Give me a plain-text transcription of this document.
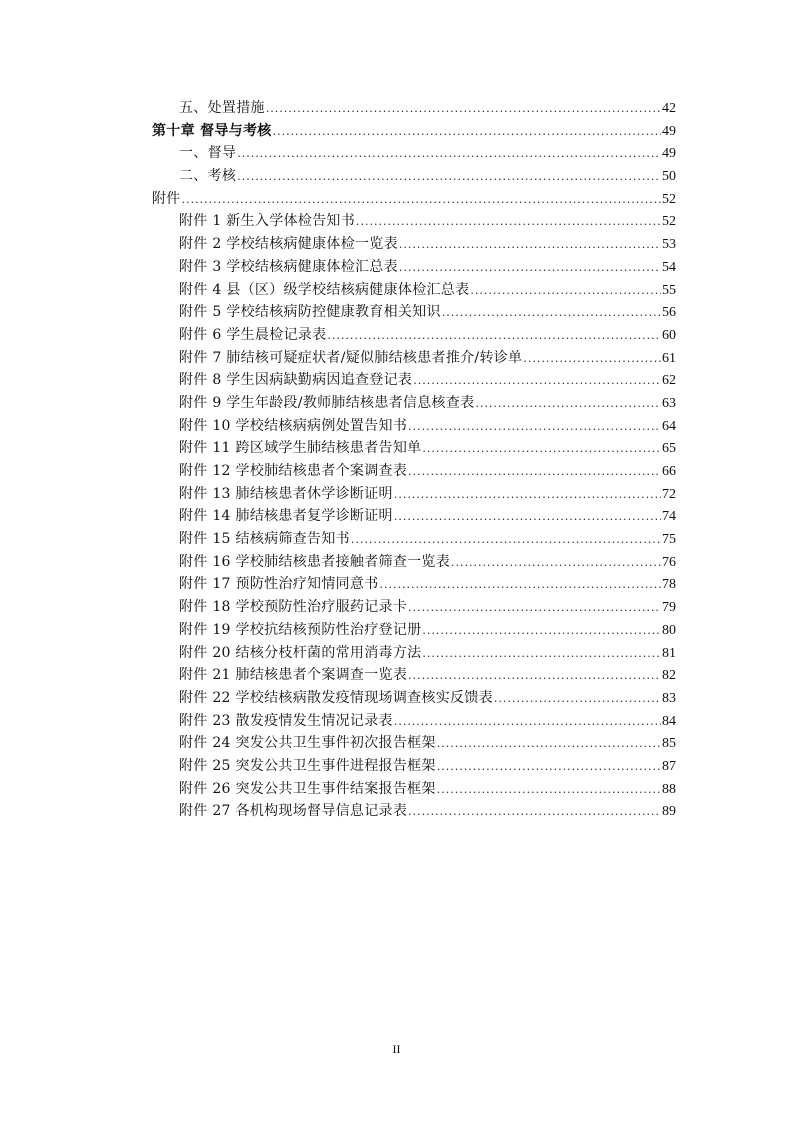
五、处置措施 .....	42
第十章 督导与考核 .....	49
一、督导 .....	49
二、考核 .....	50
附件 .....	52
附件 1 新生入学体检告知书 .....	52
附件 2 学校结核病健康体检一览表 .....	53
附件 3 学校结核病健康体检汇总表 .....	54
附件 4 县（区）级学校结核病健康体检汇总表 .....	55
附件 5 学校结核病防控健康教育相关知识 .....	56
附件 6 学生晨检记录表 .....	60
附件 7 肺结核可疑症状者/疑似肺结核患者推介/转诊单 .....	61
附件 8 学生因病缺勤病因追查登记表 .....	62
附件 9 学生年龄段/教师肺结核患者信息核查表 .....	63
附件 10 学校结核病病例处置告知书 .....	64
附件 11 跨区域学生肺结核患者告知单 .....	65
附件 12 学校肺结核患者个案调查表 .....	66
附件 13 肺结核患者休学诊断证明 .....	72
附件 14 肺结核患者复学诊断证明 .....	74
附件 15 结核病筛查告知书 .....	75
附件 16 学校肺结核患者接触者筛查一览表 .....	76
附件 17 预防性治疗知情同意书 .....	78
附件 18 学校预防性治疗服药记录卡 .....	79
附件 19 学校抗结核预防性治疗登记册 .....	80
附件 20 结核分枝杆菌的常用消毒方法 .....	81
附件 21 肺结核患者个案调查一览表 .....	82
附件 22 学校结核病散发疫情现场调查核实反馈表 .....	83
附件 23 散发疫情发生情况记录表 .....	84
附件 24 突发公共卫生事件初次报告框架 .....	85
附件 25 突发公共卫生事件进程报告框架 .....	87
附件 26 突发公共卫生事件结案报告框架 .....	88
附件 27 各机构现场督导信息记录表 .....	89
II
